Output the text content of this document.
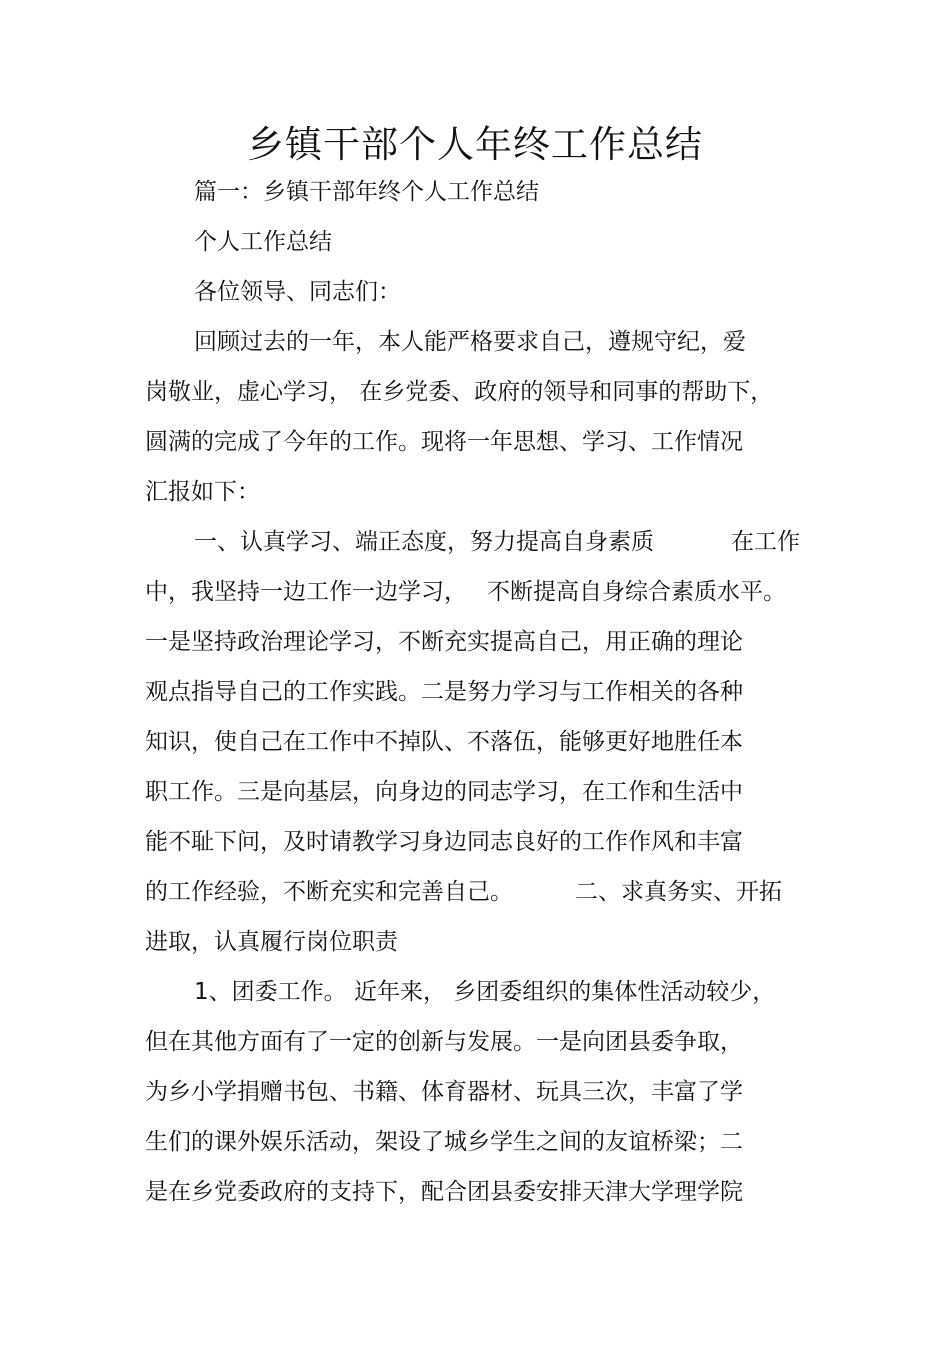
乡镇干部个人年终工作总结
篇一：乡镇干部年终个人工作总结
个人工作总结
各位领导、同志们：
回顾过去的一年，本人能严格要求自己，遵规守纪，爱
岗敬业，虚心学习， 在乡党委、政府的领导和同事的帮助下，
圆满的完成了今年的工作。现将一年思想、学习、工作情况
汇报如下：
一、认真学习、端正态度，努力提高自身素质	在工作
中，我坚持一边工作一边学习， 不断提高自身综合素质水平。
一是坚持政治理论学习，不断充实提高自己，用正确的理论
观点指导自己的工作实践。二是努力学习与工作相关的各种
知识，使自己在工作中不掉队、不落伍，能够更好地胜任本
职工作。三是向基层，向身边的同志学习，在工作和生活中
能不耻下问，及时请教学习身边同志良好的工作作风和丰富
的工作经验，不断充实和完善自己。	二、求真务实、开拓
进取，认真履行岗位职责
1、团委工作。 近年来， 乡团委组织的集体性活动较少，
但在其他方面有了一定的创新与发展。一是向团县委争取，
为乡小学捐赠书包、书籍、体育器材、玩具三次，丰富了学
生们的课外娱乐活动，架设了城乡学生之间的友谊桥梁；二
是在乡党委政府的支持下，配合团县委安排天津大学理学院
